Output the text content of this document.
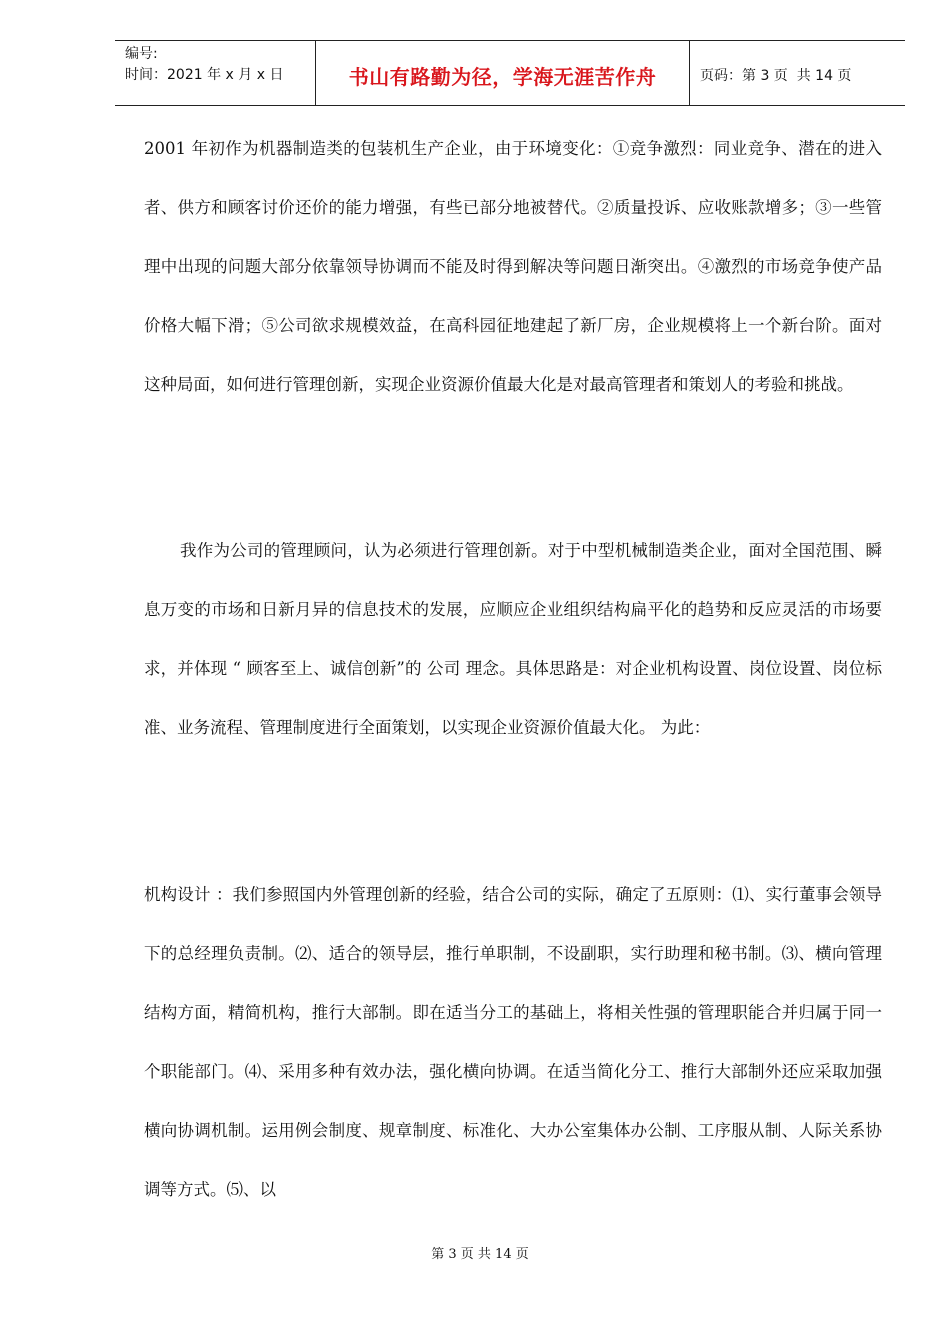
编号:
时间：2021 年 x 月 x 日	书山有路勤为径，学海无涯苦作舟	页码：第 3 页  共 14 页

2001 年初作为机器制造类的包装机生产企业，由于环境变化：①竞争激烈：同业竞争、潜在的进入者、供方和顾客讨价还价的能力增强，有些已部分地被替代。②质量投诉、应收账款增多；③一些管理中出现的问题大部分依靠领导协调而不能及时得到解决等问题日渐突出。④激烈的市场竞争使产品价格大幅下滑；⑤公司欲求规模效益，在高科园征地建起了新厂房，企业规模将上一个新台阶。面对这种局面，如何进行管理创新，实现企业资源价值最大化是对最高管理者和策划人的考验和挑战。

我作为公司的管理顾问，认为必须进行管理创新。对于中型机械制造类企业，面对全国范围、瞬息万变的市场和日新月异的信息技术的发展，应顺应企业组织结构扁平化的趋势和反应灵活的市场要求，并体现 “ 顾客至上、诚信创新”的 公司 理念。具体思路是：对企业机构设置、岗位设置、岗位标准、业务流程、管理制度进行全面策划，以实现企业资源价值最大化。 为此：

机构设计 ：我们参照国内外管理创新的经验，结合公司的实际，确定了五原则：⑴、实行董事会领导下的总经理负责制。⑵、适合的领导层，推行单职制，不设副职，实行助理和秘书制。⑶、横向管理结构方面，精简机构，推行大部制。即在适当分工的基础上，将相关性强的管理职能合并归属于同一个职能部门。⑷、采用多种有效办法，强化横向协调。在适当简化分工、推行大部制外还应采取加强横向协调机制。运用例会制度、规章制度、标准化、大办公室集体办公制、工序服从制、人际关系协调等方式。⑸、以

第 3 页 共 14 页
